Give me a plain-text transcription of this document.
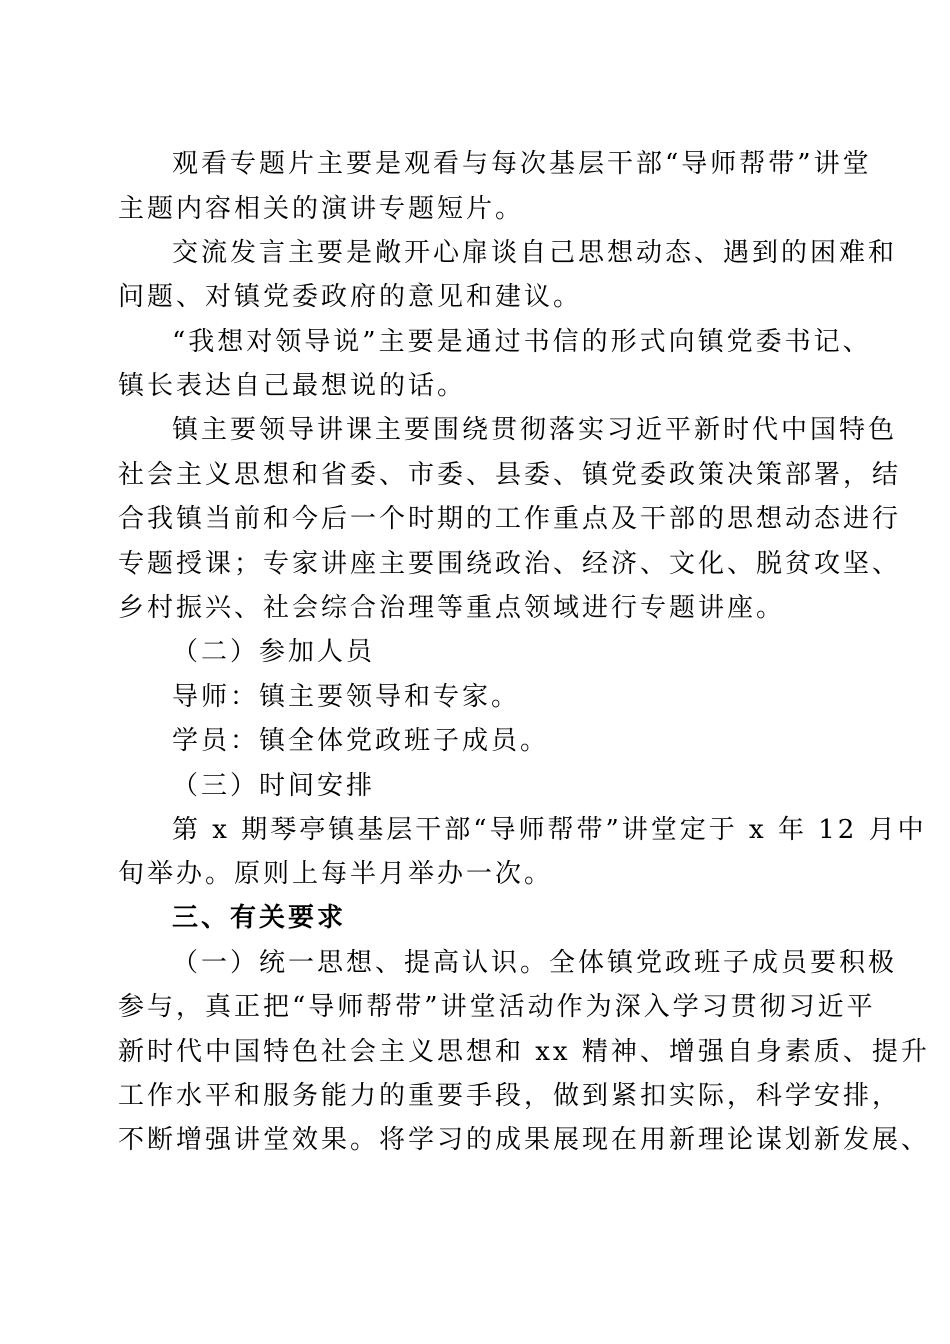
观看专题片主要是观看与每次基层干部“导师帮带”讲堂
主题内容相关的演讲专题短片。
交流发言主要是敞开心扉谈自己思想动态、遇到的困难和
问题、对镇党委政府的意见和建议。
“我想对领导说”主要是通过书信的形式向镇党委书记、
镇长表达自己最想说的话。
镇主要领导讲课主要围绕贯彻落实习近平新时代中国特色
社会主义思想和省委、市委、县委、镇党委政策决策部署，结
合我镇当前和今后一个时期的工作重点及干部的思想动态进行
专题授课；专家讲座主要围绕政治、经济、文化、脱贫攻坚、
乡村振兴、社会综合治理等重点领域进行专题讲座。
（二）参加人员
导师：镇主要领导和专家。
学员：镇全体党政班子成员。
（三）时间安排
第 x 期琴亭镇基层干部“导师帮带”讲堂定于 x 年 12 月中
旬举办。原则上每半月举办一次。
三、有关要求
（一）统一思想、提高认识。全体镇党政班子成员要积极
参与，真正把“导师帮带”讲堂活动作为深入学习贯彻习近平
新时代中国特色社会主义思想和 xx 精神、增强自身素质、提升
工作水平和服务能力的重要手段，做到紧扣实际，科学安排，
不断增强讲堂效果。将学习的成果展现在用新理论谋划新发展、
